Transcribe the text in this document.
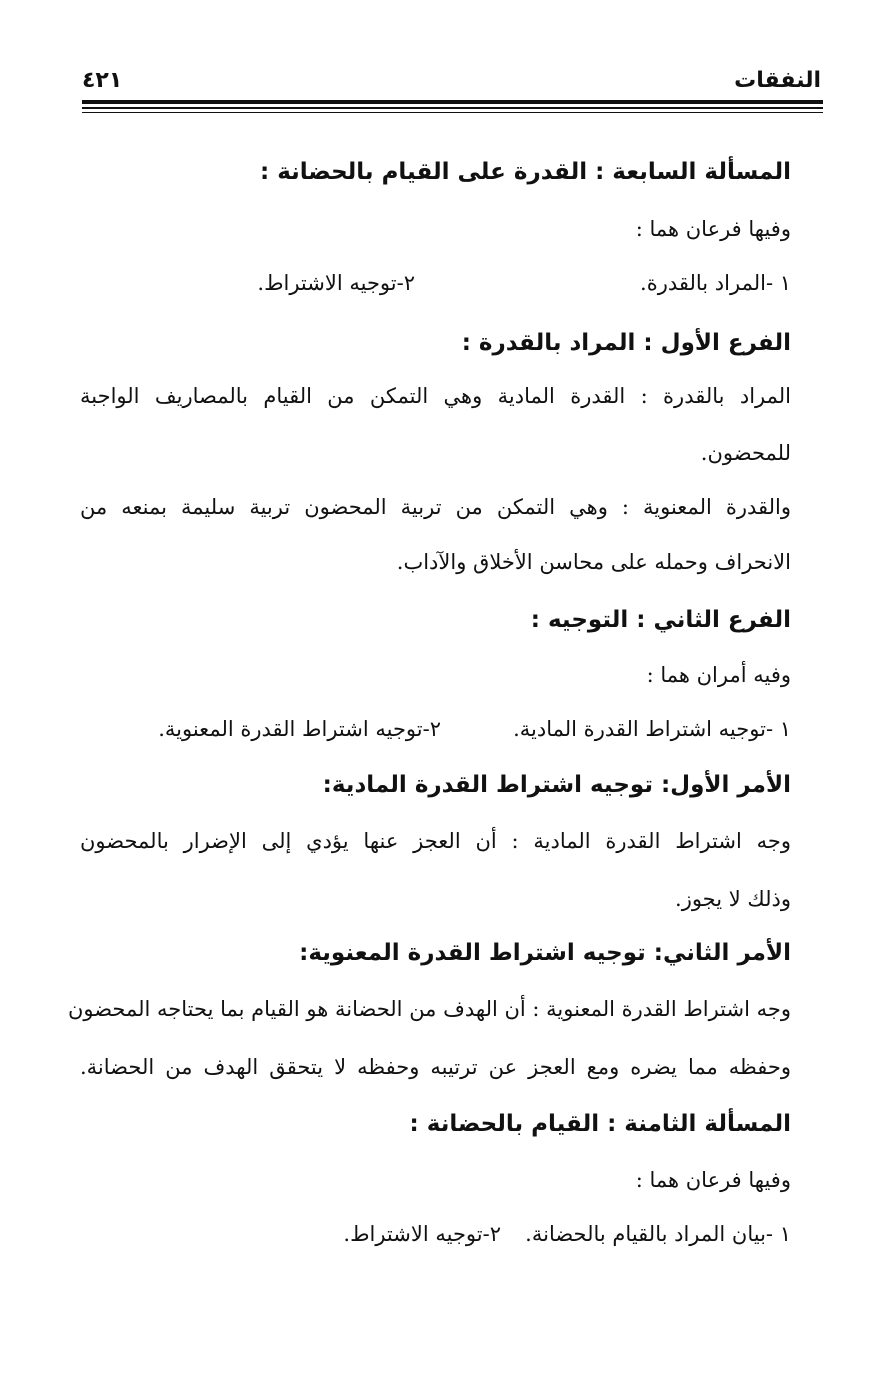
النفقات
٤٢١
المسألة السابعة : القدرة على القيام بالحضانة :
وفيها فرعان هما :
١ -المراد بالقدرة.٢-توجيه الاشتراط.
الفرع الأول : المراد بالقدرة :
المراد بالقدرة : القدرة المادية وهي التمكن من القيام بالمصاريف الواجبة
للمحضون.
والقدرة المعنوية : وهي التمكن من تربية المحضون تربية سليمة بمنعه من
الانحراف وحمله على محاسن الأخلاق والآداب.
الفرع الثاني : التوجيه :
وفيه أمران هما :
١ -توجيه اشتراط القدرة المادية.٢-توجيه اشتراط القدرة المعنوية.
الأمر الأول: توجيه اشتراط القدرة المادية:
وجه اشتراط القدرة المادية : أن العجز عنها يؤدي إلى الإضرار بالمحضون
وذلك لا يجوز.
الأمر الثاني: توجيه اشتراط القدرة المعنوية:
وجه اشتراط القدرة المعنوية : أن الهدف من الحضانة هو القيام بما يحتاجه المحضون
وحفظه مما يضره ومع العجز عن ترتيبه وحفظه لا يتحقق الهدف من الحضانة.
المسألة الثامنة : القيام بالحضانة :
وفيها فرعان هما :
١ -بيان المراد بالقيام بالحضانة.٢-توجيه الاشتراط.
